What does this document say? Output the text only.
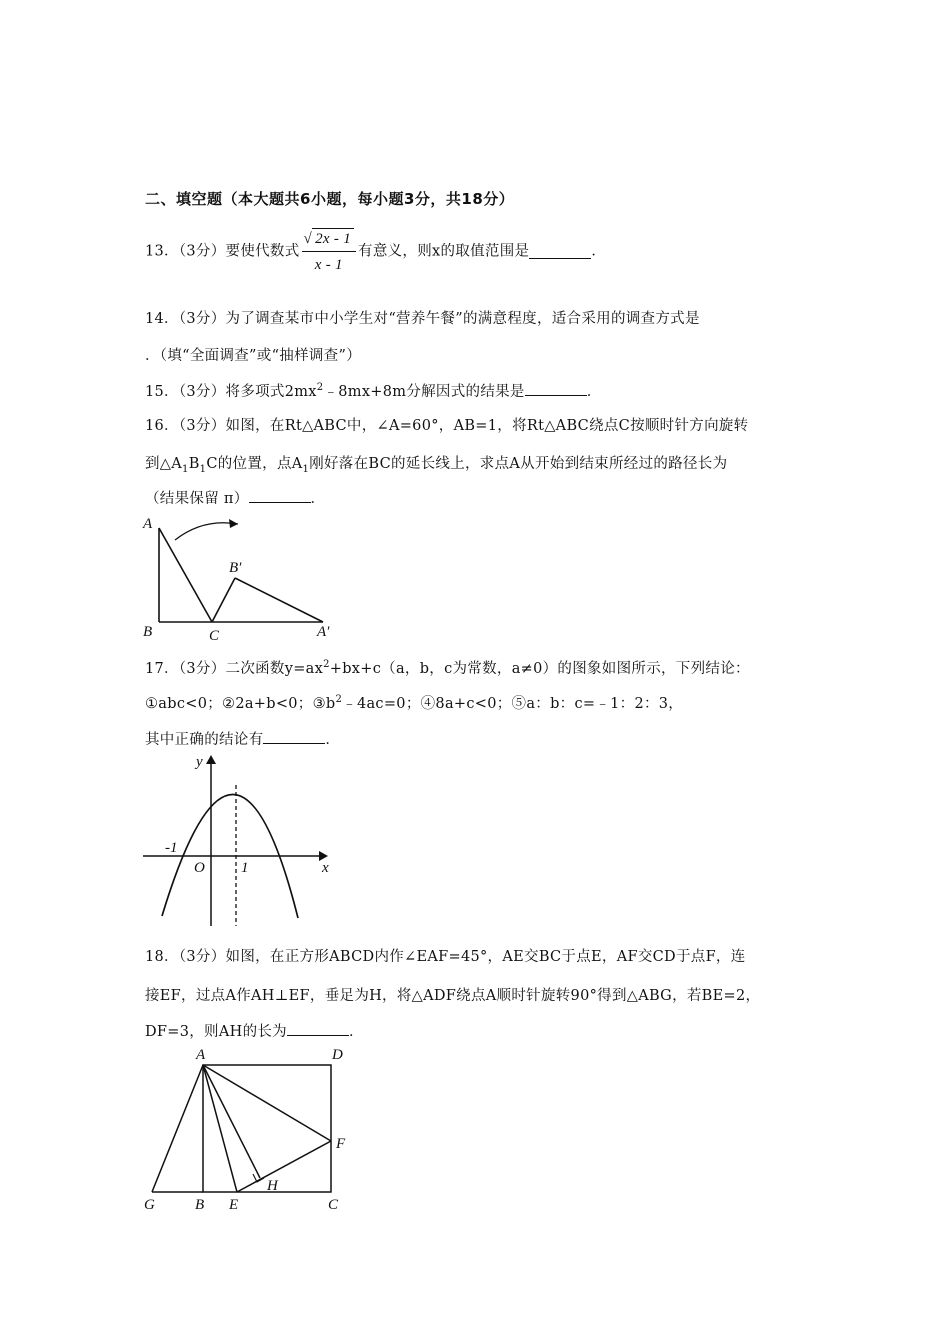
二、填空题（本大题共6小题，每小题3分，共18分）
13．（3分）要使代数式 $\frac{√ 2x - 1}{x - 1}$ 有意义，则x的取值范围是	．
14．（3分）为了调查某市中小学生对“营养午餐”的满意程度，适合采用的调查方式是
．（填“全面调查”或“抽样调查”）
15．（3分）将多项式$2mx^2﹣8mx+8m$分解因式的结果是	．
16．（3分）如图，在Rt△ABC中，∠A=60°，AB=1，将Rt△ABC绕点C按顺时针方向旋转
到$\triangle A_1B_1C$的位置，点$A_1$刚好落在BC的延长线上，求点A从开始到结束所经过的路径长为
（结果保留 π）	．
A
B	C
B′
A′
17．（3分）二次函数$y=ax^2+bx+c(a$，b，c为常数，a≠0）的图象如图所示，下列结论：
①abc<0；②2a+b<0；$③b^2﹣4ac=0$；④8a+c<0；⑤a：b：c=﹣1：2：3，
其中正确的结论有	．
y
x
O
-1
1
18．（3分）如图，在正方形ABCD内作∠EAF=45°，AE交BC于点E，AF交CD于点F，连
接EF，过点A作AH⊥EF，垂足为H，将△ADF绕点A顺时针旋转90°得到△ABG，若BE=2，
DF=3，则AH的长为	．
A	D
F
G	B E
H
C
